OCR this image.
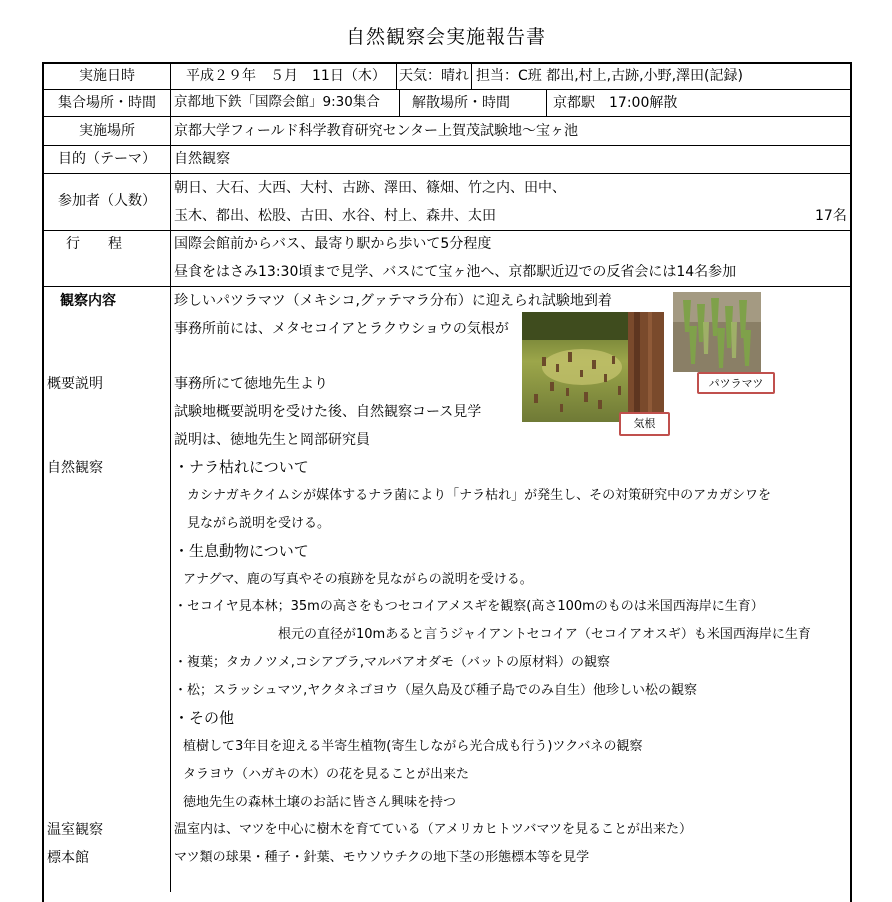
自然観察会実施報告書
実施日時	平成２９年　５月　11日（木） 天気：晴れ 担当：C班 都出,村上,古跡,小野,澤田(記録)
集合場所・時間	京都地下鉄「国際会館」9:30集合 解散場所・時間	京都駅　17:00解散
実施場所	京都大学フィールド科学教育研究センター上賀茂試験地～宝ヶ池
目的（テーマ）	自然観察
参加者（人数）
朝日、大石、大西、大村、古跡、澤田、篠畑、竹之内、田中、
玉木、都出、松股、古田、水谷、村上、森井、太田	17名
行　　程	国際会館前からバス、最寄り駅から歩いて5分程度
昼食をはさみ13:30頃まで見学、バスにて宝ヶ池へ、京都駅近辺での反省会には14名参加
観察内容	珍しいパツラマツ（メキシコ,グァテマラ分布）に迎えられ試験地到着
事務所前には、メタセコイアとラクウショウの気根が
概要説明	事務所にて徳地先生より
試験地概要説明を受けた後、自然観察コース見学
説明は、徳地先生と岡部研究員
自然観察	・ナラ枯れについて
カシナガキクイムシが媒体するナラ菌により「ナラ枯れ」が発生し、その対策研究中のアカガシワを
見ながら説明を受ける。
・生息動物について
アナグマ、鹿の写真やその痕跡を見ながらの説明を受ける。
・セコイヤ見本林；35mの高さをもつセコイアメスギを観察(高さ100mのものは米国西海岸に生育）
根元の直径が10mあると言うジャイアントセコイア（セコイアオスギ）も米国西海岸に生育
・複葉；タカノツメ,コシアブラ,マルバアオダモ（バットの原材料）の観察
・松；スラッシュマツ,ヤクタネゴヨウ（屋久島及び種子島でのみ自生）他珍しい松の観察
・その他
植樹して3年目を迎える半寄生植物(寄生しながら光合成も行う)ツクバネの観察
タラヨウ（ハガキの木）の花を見ることが出来た
徳地先生の森林土壌のお話に皆さん興味を持つ
温室観察	温室内は、マツを中心に樹木を育てている（アメリカヒトツバマツを見ることが出来た）
標本館	マツ類の球果・種子・針葉、モウソウチクの地下茎の形態標本等を見学
気根
パツラマツ
